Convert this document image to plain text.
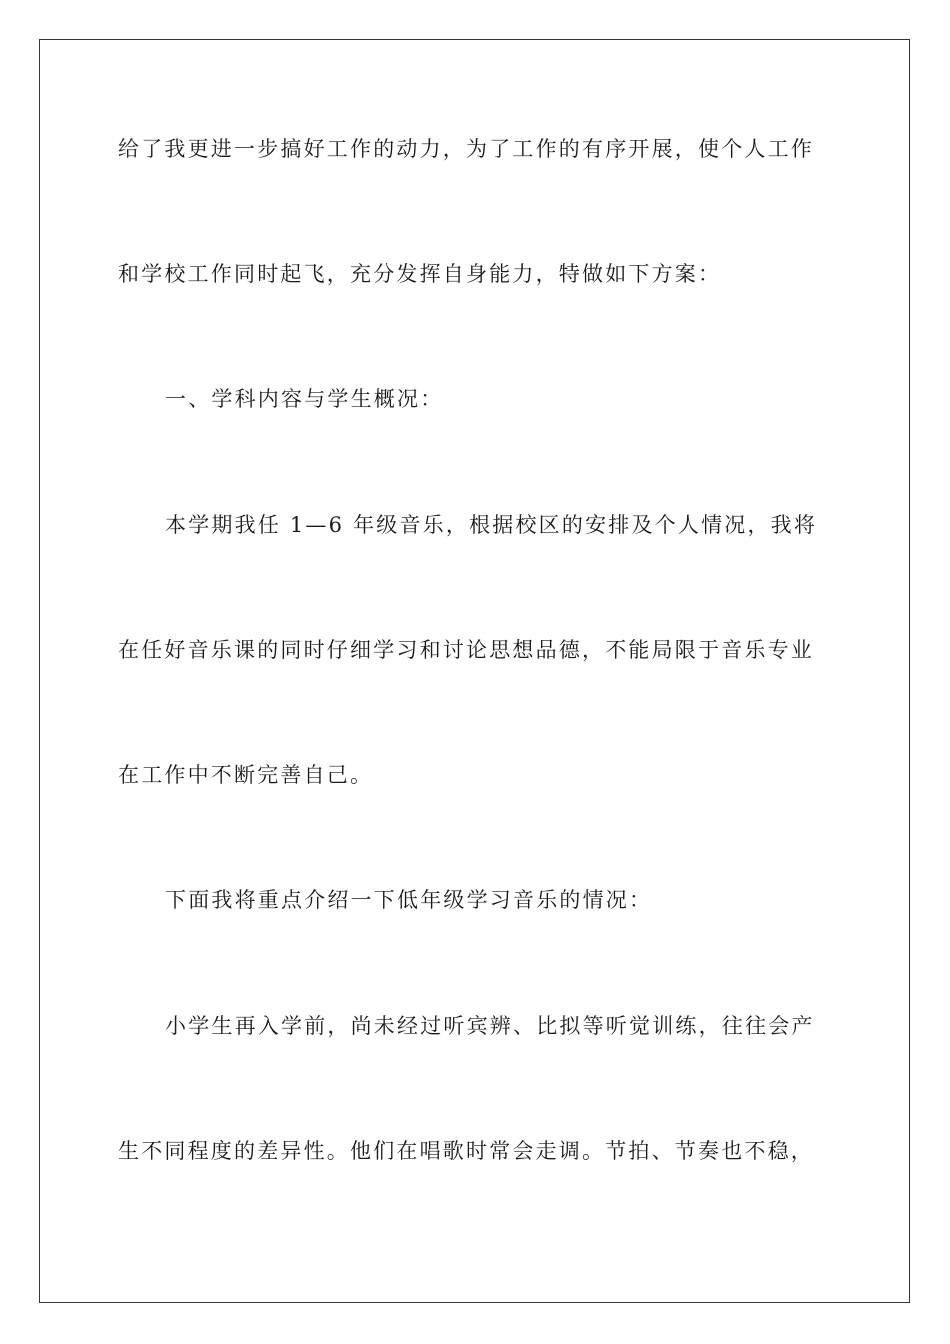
给了我更进一步搞好工作的动力，为了工作的有序开展，使个人工作
和学校工作同时起飞，充分发挥自身能力，特做如下方案：
一、学科内容与学生概况：
本学期我任 1—6 年级音乐，根据校区的安排及个人情况，我将
在任好音乐课的同时仔细学习和讨论思想品德，不能局限于音乐专业
在工作中不断完善自己。
下面我将重点介绍一下低年级学习音乐的情况：
小学生再入学前，尚未经过听宾辨、比拟等听觉训练，往往会产
生不同程度的差异性。他们在唱歌时常会走调。节拍、节奏也不稳，
